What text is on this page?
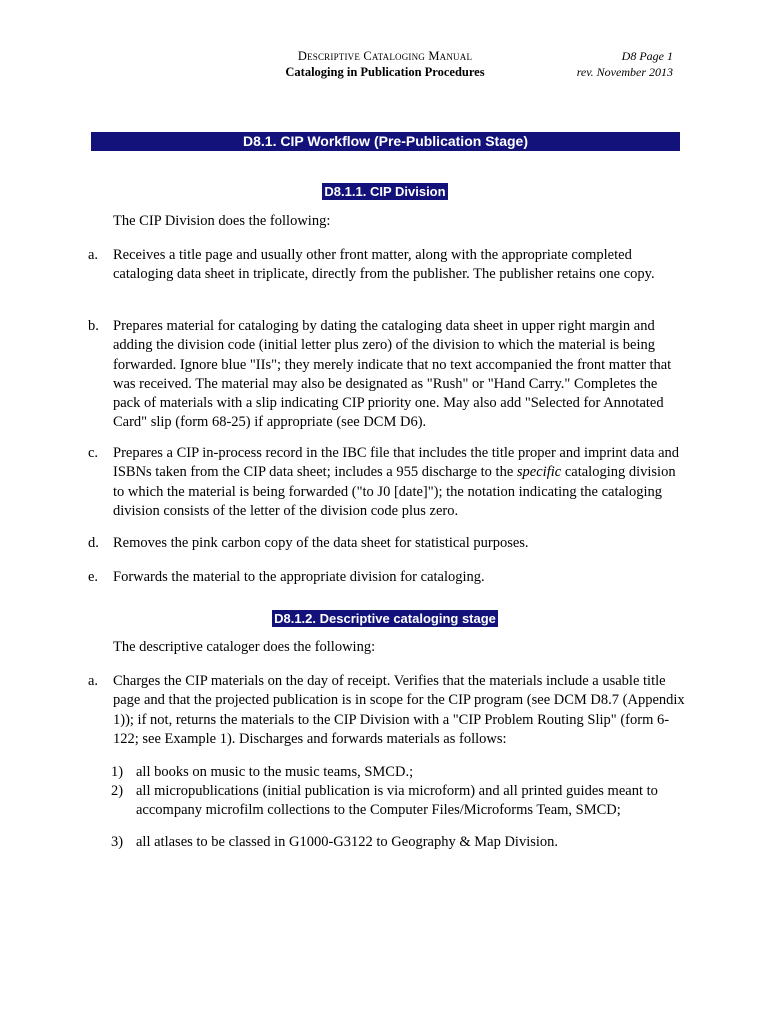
Descriptive Cataloging Manual
Cataloging in Publication Procedures
D8 Page 1
rev. November 2013
D8.1. CIP Workflow (Pre-Publication Stage)
D8.1.1. CIP Division
The CIP Division does the following:
a. Receives a title page and usually other front matter, along with the appropriate completed cataloging data sheet in triplicate, directly from the publisher. The publisher retains one copy.
b. Prepares material for cataloging by dating the cataloging data sheet in upper right margin and adding the division code (initial letter plus zero) of the division to which the material is being forwarded. Ignore blue "IIs"; they merely indicate that no text accompanied the front matter that was received. The material may also be designated as "Rush" or "Hand Carry." Completes the pack of materials with a slip indicating CIP priority one. May also add "Selected for Annotated Card" slip (form 68-25) if appropriate (see DCM D6).
c. Prepares a CIP in-process record in the IBC file that includes the title proper and imprint data and ISBNs taken from the CIP data sheet; includes a 955 discharge to the specific cataloging division to which the material is being forwarded ("to J0 [date]"); the notation indicating the cataloging division consists of the letter of the division code plus zero.
d. Removes the pink carbon copy of the data sheet for statistical purposes.
e. Forwards the material to the appropriate division for cataloging.
D8.1.2. Descriptive cataloging stage
The descriptive cataloger does the following:
a. Charges the CIP materials on the day of receipt. Verifies that the materials include a usable title page and that the projected publication is in scope for the CIP program (see DCM D8.7 (Appendix 1)); if not, returns the materials to the CIP Division with a "CIP Problem Routing Slip" (form 6-122; see Example 1). Discharges and forwards materials as follows:
1) all books on music to the music teams, SMCD.;
2) all micropublications (initial publication is via microform) and all printed guides meant to accompany microfilm collections to the Computer Files/Microforms Team, SMCD;
3) all atlases to be classed in G1000-G3122 to Geography & Map Division.
